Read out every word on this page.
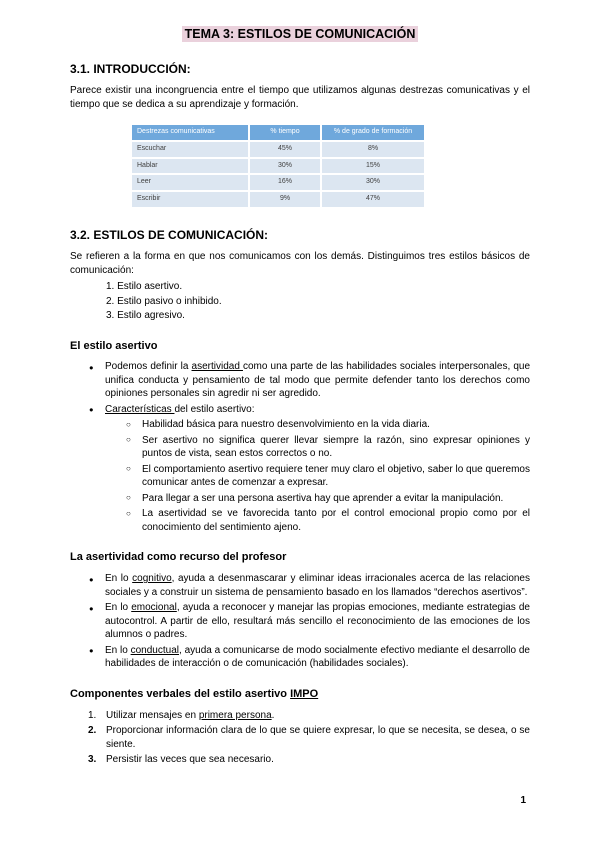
TEMA 3: ESTILOS DE COMUNICACIÓN
3.1. INTRODUCCIÓN:

Parece existir una incongruencia entre el tiempo que utilizamos algunas destrezas comunicativas y el tiempo que se dedica a su aprendizaje y formación.

Destrezas comunicativas	% tiempo	% de grado de formación
Escuchar	45%	8%
Hablar	30%	15%
Leer	16%	30%
Escribir	9%	47%
3.2. ESTILOS DE COMUNICACIÓN:

Se refieren a la forma en que nos comunicamos con los demás. Distinguimos tres estilos básicos de comunicación:

1. Estilo asertivo.
2. Estilo pasivo o inhibido.
3. Estilo agresivo.
El estilo asertivo
● Podemos definir la asertividad como una parte de las habilidades sociales interpersonales, que unifica conducta y pensamiento de tal modo que permite defender tanto los derechos como opiniones personales sin agredir ni ser agredido.
● Características del estilo asertivo:
○ Habilidad básica para nuestro desenvolvimiento en la vida diaria.
○ Ser asertivo no significa querer llevar siempre la razón, sino expresar opiniones y puntos de vista, sean estos correctos o no.
○ El comportamiento asertivo requiere tener muy claro el objetivo, saber lo que queremos comunicar antes de comenzar a expresar.
○ Para llegar a ser una persona asertiva hay que aprender a evitar la manipulación.
○ La asertividad se ve favorecida tanto por el control emocional propio como por el conocimiento del sentimiento ajeno.
La asertividad como recurso del profesor
● En lo cognitivo, ayuda a desenmascarar y eliminar ideas irracionales acerca de las relaciones sociales y a construir un sistema de pensamiento basado en los llamados “derechos asertivos”.
● En lo emocional, ayuda a reconocer y manejar las propias emociones, mediante estrategias de autocontrol. A partir de ello, resultará más sencillo el reconocimiento de las emociones de los alumnos o padres.
● En lo conductual, ayuda a comunicarse de modo socialmente efectivo mediante el desarrollo de habilidades de interacción o de comunicación (habilidades sociales).
Componentes verbales del estilo asertivo IMPO
1. Utilizar mensajes en primera persona.
2. Proporcionar información clara de lo que se quiere expresar, lo que se necesita, se desea, o se siente.
3. Persistir las veces que sea necesario.
1
